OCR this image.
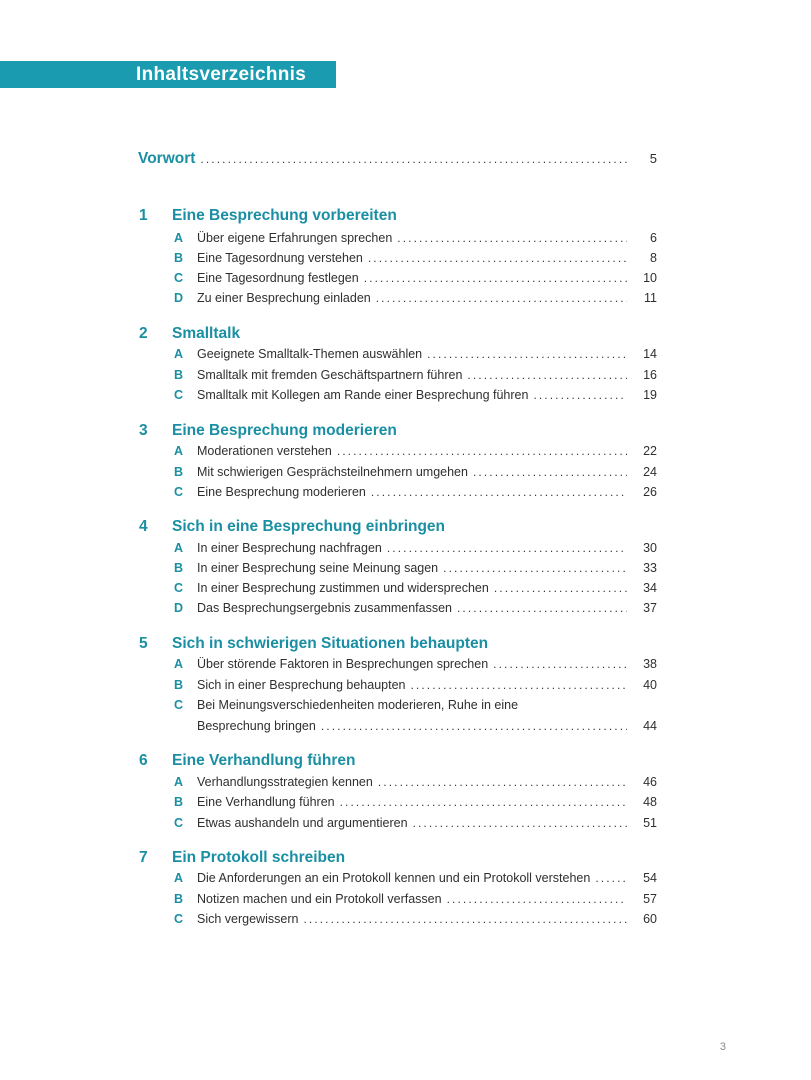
Inhaltsverzeichnis
Vorwort .....	5
1 Eine Besprechung vorbereiten
A	Über eigene Erfahrungen sprechen .....	6
B	Eine Tagesordnung verstehen .....	8
C	Eine Tagesordnung festlegen .....	10
D	Zu einer Besprechung einladen .....	11
2 Smalltalk
A	Geeignete Smalltalk-Themen auswählen .....	14
B	Smalltalk mit fremden Geschäftspartnern führen .....	16
C	Smalltalk mit Kollegen am Rande einer Besprechung führen .....	19
3 Eine Besprechung moderieren
A	Moderationen verstehen .....	22
B	Mit schwierigen Gesprächsteilnehmern umgehen .....	24
C	Eine Besprechung moderieren .....	26
4 Sich in eine Besprechung einbringen
A	In einer Besprechung nachfragen .....	30
B	In einer Besprechung seine Meinung sagen .....	33
C	In einer Besprechung zustimmen und widersprechen .....	34
D	Das Besprechungsergebnis zusammenfassen .....	37
5 Sich in schwierigen Situationen behaupten
A	Über störende Faktoren in Besprechungen sprechen .....	38
B	Sich in einer Besprechung behaupten .....	40
C Bei Meinungsverschiedenheiten moderieren, Ruhe in eine
Besprechung bringen .....	44
6 Eine Verhandlung führen
A	Verhandlungsstrategien kennen .....	46
B	Eine Verhandlung führen .....	48
C	Etwas aushandeln und argumentieren .....	51
7 Ein Protokoll schreiben
A	Die Anforderungen an ein Protokoll kennen und ein Protokoll verstehen .....	54
B	Notizen machen und ein Protokoll verfassen .....	57
C	Sich vergewissern .....	60
3
